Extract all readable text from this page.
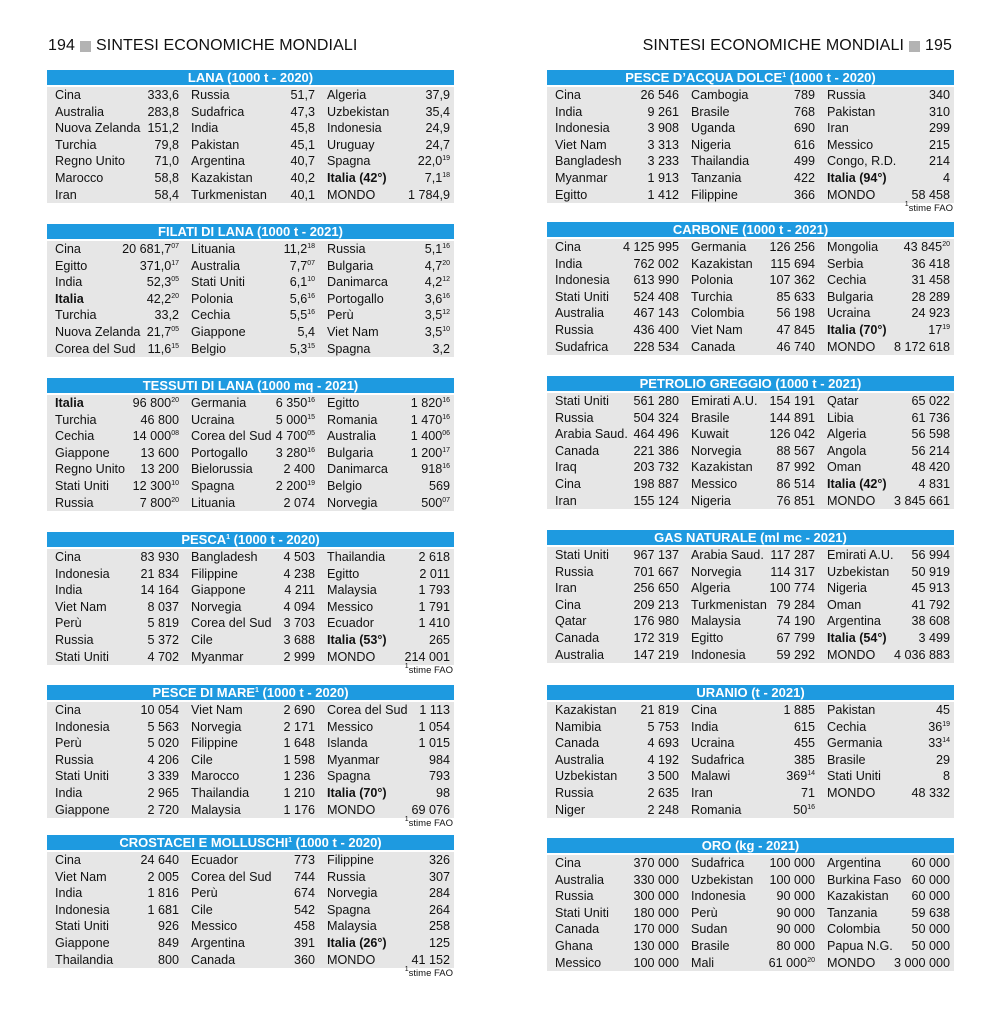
194 SINTESI ECONOMICHE MONDIALI	SINTESI ECONOMICHE MONDIALI 195
LANA (1000 t - 2020)
Cina	333,6 Russia	51,7 Algeria	37,9
Australia	283,8 Sudafrica	47,3 Uzbekistan	35,4
Nuova Zelanda 151,2 India	45,8 Indonesia	24,9
Turchia	79,8 Pakistan	45,1 Uruguay	24,7
Regno Unito 71,0 Argentina	40,7 Spagna	22,0$^{19}$
Marocco	58,8 Kazakistan	40,2 Italia (42°)	$7,1^{18}$
Iran	58,4 Turkmenistan 40,1 MONDO	1 784,9
FILATI DI LANA (1000 t - 2021)
Cina	20 681,7$^{07}$ Lituania	11,2$^{18}$ Russia	$5,1^{16}$
Egitto	371,0$^{17}$ Australia	$7,7^{07}$ Bulgaria	$4,7^{20}$
India	52,3$^{05}$ Stati Uniti	$6,1^{10}$ Danimarca	$4,2^{12}$
Italia	42,2$^{20}$ Polonia	$5,6^{16}$ Portogallo	$3,6^{16}$
Turchia	33,2 Cechia	$5,5^{16}$ Perù	$3,5^{12}$
Nuova Zelanda 21,7$^{05}$ Giappone	5,4 Viet Nam	$3,5^{10}$
Corea del Sud 11,6$^{15}$ Belgio	$5,3^{15}$ Spagna	3,2
TESSUTI DI LANA (1000 mq - 2021)
Italia	96 $800^{20}$ Germania 6 $350^{16}$ Egitto	1 $820^{16}$
Turchia	46 800 Ucraina	5 $000^{15}$ Romania	1 $470^{16}$
Cechia	14 $000^{08}$ Corea del Sud 4 $700^{05}$ Australia	1 $400^{06}$
Giappone 13 600 Portogallo 3 $280^{16}$ Bulgaria	1 $200^{17}$
Regno Unito 13 200 Bielorussia 2 400 Danimarca	$918^{16}$
Stati Uniti 12 $300^{10}$ Spagna	2 $200^{19}$ Belgio	569
Russia	7 $800^{20}$ Lituania	2 074 Norvegia	$500^{07}$
PESCA$^1$ (1000 t - 2020)
Cina	83 930 Bangladesh 4 503 Thailandia	2 618
Indonesia 21 834 Filippine	4 238 Egitto	2 011
India	14 164 Giappone	4 211 Malaysia	1 793
Viet Nam	8 037 Norvegia	4 094 Messico	1 791
Perù	5 819 Corea del Sud 3 703 Ecuador	1 410
Russia	5 372 Cile	3 688 Italia (53°)	265
Stati Uniti	4 702 Myanmar	2 999 MONDO 214 001
$^1$stime FAO
PESCE DI MARE$^1$ (1000 t - 2020)
Cina	10 054 Viet Nam	2 690 Corea del Sud 1 113
Indonesia	5 563 Norvegia	2 171 Messico	1 054
Perù	5 020 Filippine	1 648 Islanda	1 015
Russia	4 206 Cile	1 598 Myanmar	984
Stati Uniti	3 339 Marocco	1 236 Spagna	793
India	2 965 Thailandia	1 210 Italia (70°)	98
Giappone	2 720 Malaysia	1 176 MONDO	69 076
$^1$stime FAO
CROSTACEI E MOLLUSCHI$^1$ (1000 t - 2020)
Cina	24 640 Ecuador	773 Filippine	326
Viet Nam	2 005 Corea del Sud 744 Russia	307
India	1 816 Perù	674 Norvegia	284
Indonesia	1 681 Cile	542 Spagna	264
Stati Uniti	926 Messico	458 Malaysia	258
Giappone	849 Argentina	391 Italia (26°)	125
Thailandia	800 Canada	360 MONDO	41 152
$^1$stime FAO
PESCE D’ACQUA DOLCE$^1$ (1000 t - 2020)
Cina	26 546 Cambogia	789 Russia	340
India	9 261 Brasile	768 Pakistan	310
Indonesia	3 908 Uganda	690 Iran	299
Viet Nam	3 313 Nigeria	616 Messico	215
Bangladesh 3 233 Thailandia	499 Congo, R.D.	214
Myanmar	1 913 Tanzania	422 Italia (94°)	4
Egitto	1 412 Filippine	366 MONDO	58 458
$^1$stime FAO
CARBONE (1000 t - 2021)
Cina	4 125 995 Germania 126 256 Mongolia 43 $845^{20}$
India	762 002 Kazakistan 115 694 Serbia	36 418
Indonesia 613 990 Polonia	107 362 Cechia	31 458
Stati Uniti 524 408 Turchia	85 633 Bulgaria	28 289
Australia 467 143 Colombia	56 198 Ucraina	24 923
Russia	436 400 Viet Nam	47 845 Italia (70°)	$17^{19}$
Sudafrica 228 534 Canada	46 740 MONDO 8 172 618
PETROLIO GREGGIO (1000 t - 2021)
Stati Uniti 561 280 Emirati A.U. 154 191 Qatar	65 022
Russia	504 324 Brasile	144 891 Libia	61 736
Arabia Saud. 464 496 Kuwait	126 042 Algeria	56 598
Canada	221 386 Norvegia	88 567 Angola	56 214
Iraq	203 732 Kazakistan 87 992 Oman	48 420
Cina	198 887 Messico	86 514 Italia (42°)	4 831
Iran	155 124 Nigeria	76 851 MONDO 3 845 661
GAS NATURALE (ml mc - 2021)
Stati Uniti 967 137 Arabia Saud. 117 287 Emirati A.U. 56 994
Russia	701 667 Norvegia 114 317 Uzbekistan 50 919
Iran	256 650 Algeria	100 774 Nigeria	45 913
Cina	209 213 Turkmenistan 79 284 Oman	41 792
Qatar	176 980 Malaysia	74 190 Argentina 38 608
Canada	172 319 Egitto	67 799 Italia (54°)	3 499
Australia 147 219 Indonesia 59 292 MONDO 4 036 883
URANIO (t - 2021)
Kazakistan 21 819 Cina	1 885 Pakistan	45
Namibia	5 753 India	615 Cechia	$36^{19}$
Canada	4 693 Ucraina	455 Germania	$33^{14}$
Australia	4 192 Sudafrica	385 Brasile	29
Uzbekistan 3 500 Malawi	$369^{14}$ Stati Uniti	8
Russia	2 635 Iran	71 MONDO	48 332
Niger	2 248 Romania	$50^{16}$
ORO (kg - 2021)
Cina	370 000 Sudafrica 100 000 Argentina 60 000
Australia 330 000 Uzbekistan 100 000 Burkina Faso 60 000
Russia	300 000 Indonesia 90 000 Kazakistan 60 000
Stati Uniti 180 000 Perù	90 000 Tanzania	59 638
Canada	170 000 Sudan	90 000 Colombia 50 000
Ghana	130 000 Brasile	80 000 Papua N.G. 50 000
Messico	100 000 Mali	61 $000^{20}$ MONDO 3 000 000
